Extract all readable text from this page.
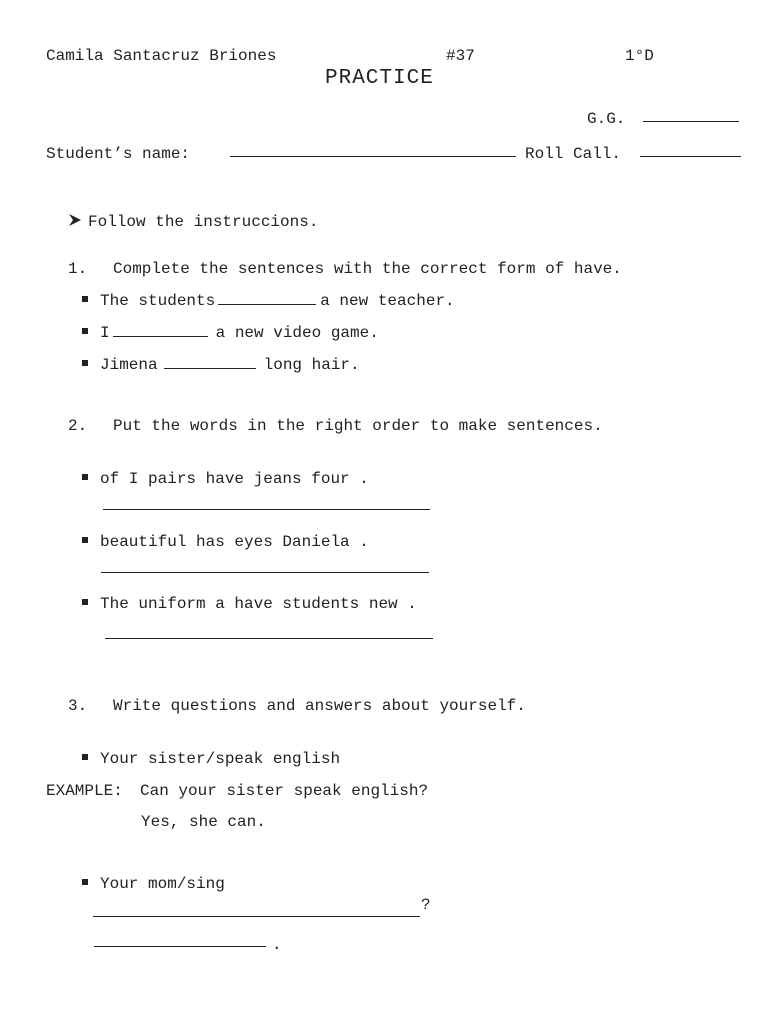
Camila Santacruz Briones	#37	1°D
PRACTICE
G.G.
Student’s name:	Roll Call.
Follow the instruccions.
1. Complete the sentences with the correct form of have.
The students	a new teacher.
I	a new video game.
Jimena	long hair.
2. Put the words in the right order to make sentences.
of I pairs have jeans four .
beautiful has eyes Daniela .
The uniform a have students new .
3. Write questions and answers about yourself.
Your sister/speak english
EXAMPLE: Can your sister speak english?
Yes, she can.
Your mom/sing
?
.
